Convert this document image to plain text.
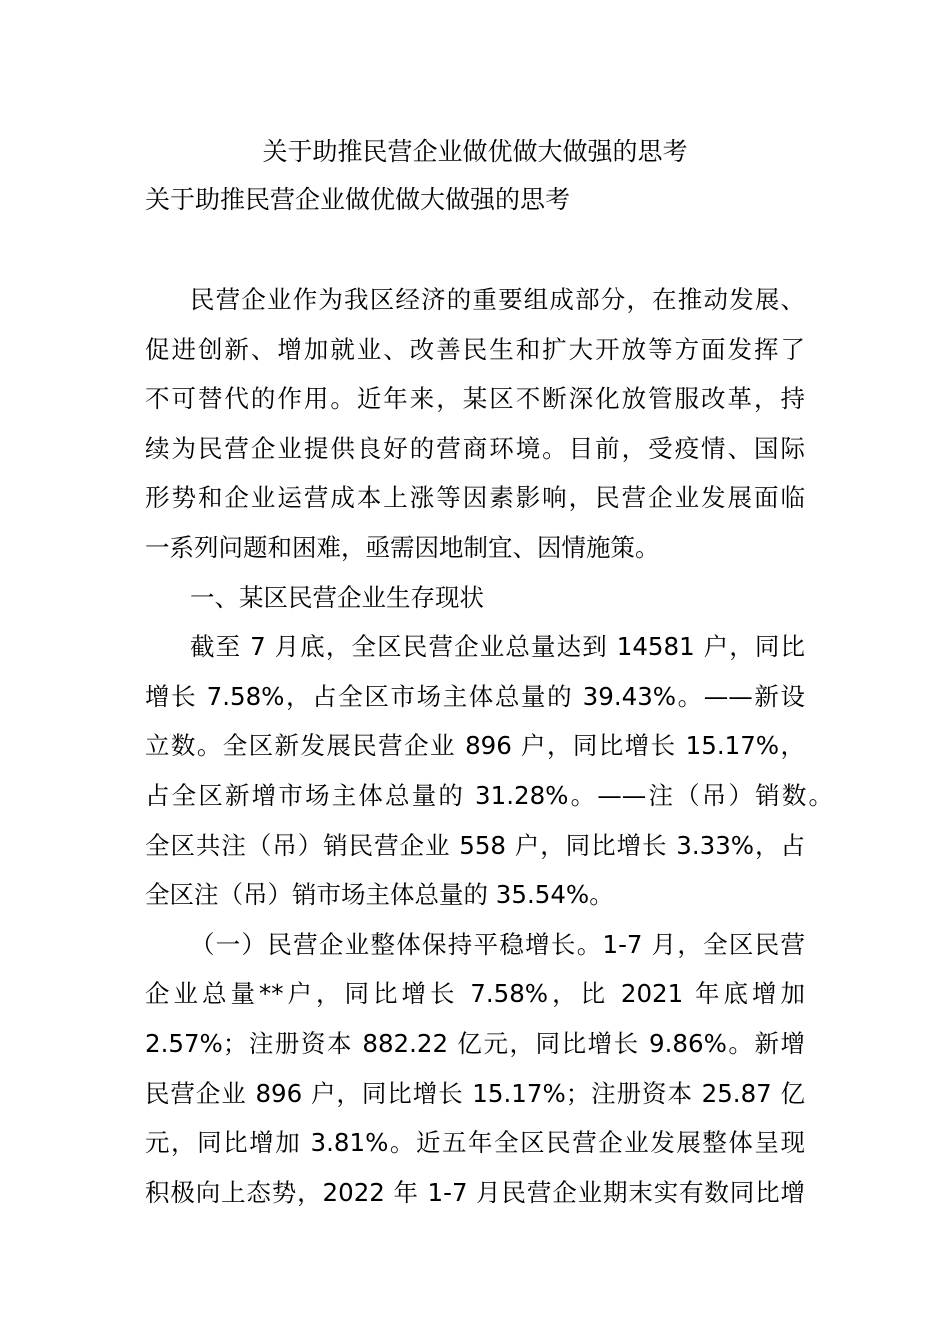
关于助推民营企业做优做大做强的思考
关于助推民营企业做优做大做强的思考
民营企业作为我区经济的重要组成部分，在推动发展、
促进创新、增加就业、改善民生和扩大开放等方面发挥了
不可替代的作用。近年来，某区不断深化放管服改革，持
续为民营企业提供良好的营商环境。目前，受疫情、国际
形势和企业运营成本上涨等因素影响，民营企业发展面临
一系列问题和困难，亟需因地制宜、因情施策。
一、某区民营企业生存现状
截至 7 月底，全区民营企业总量达到 14581 户，同比
增长 7.58%，占全区市场主体总量的 39.43%。——新设
立数。全区新发展民营企业 896 户，同比增长 15.17%，
占全区新增市场主体总量的 31.28%。——注（吊）销数。
全区共注（吊）销民营企业 558 户，同比增长 3.33%，占
全区注（吊）销市场主体总量的 35.54%。
（一）民营企业整体保持平稳增长。1-7 月，全区民营
企业总量**户，同比增长 7.58%，比 2021 年底增加
2.57%；注册资本 882.22 亿元，同比增长 9.86%。新增
民营企业 896 户，同比增长 15.17%；注册资本 25.87 亿
元，同比增加 3.81%。近五年全区民营企业发展整体呈现
积极向上态势，2022 年 1-7 月民营企业期末实有数同比增
